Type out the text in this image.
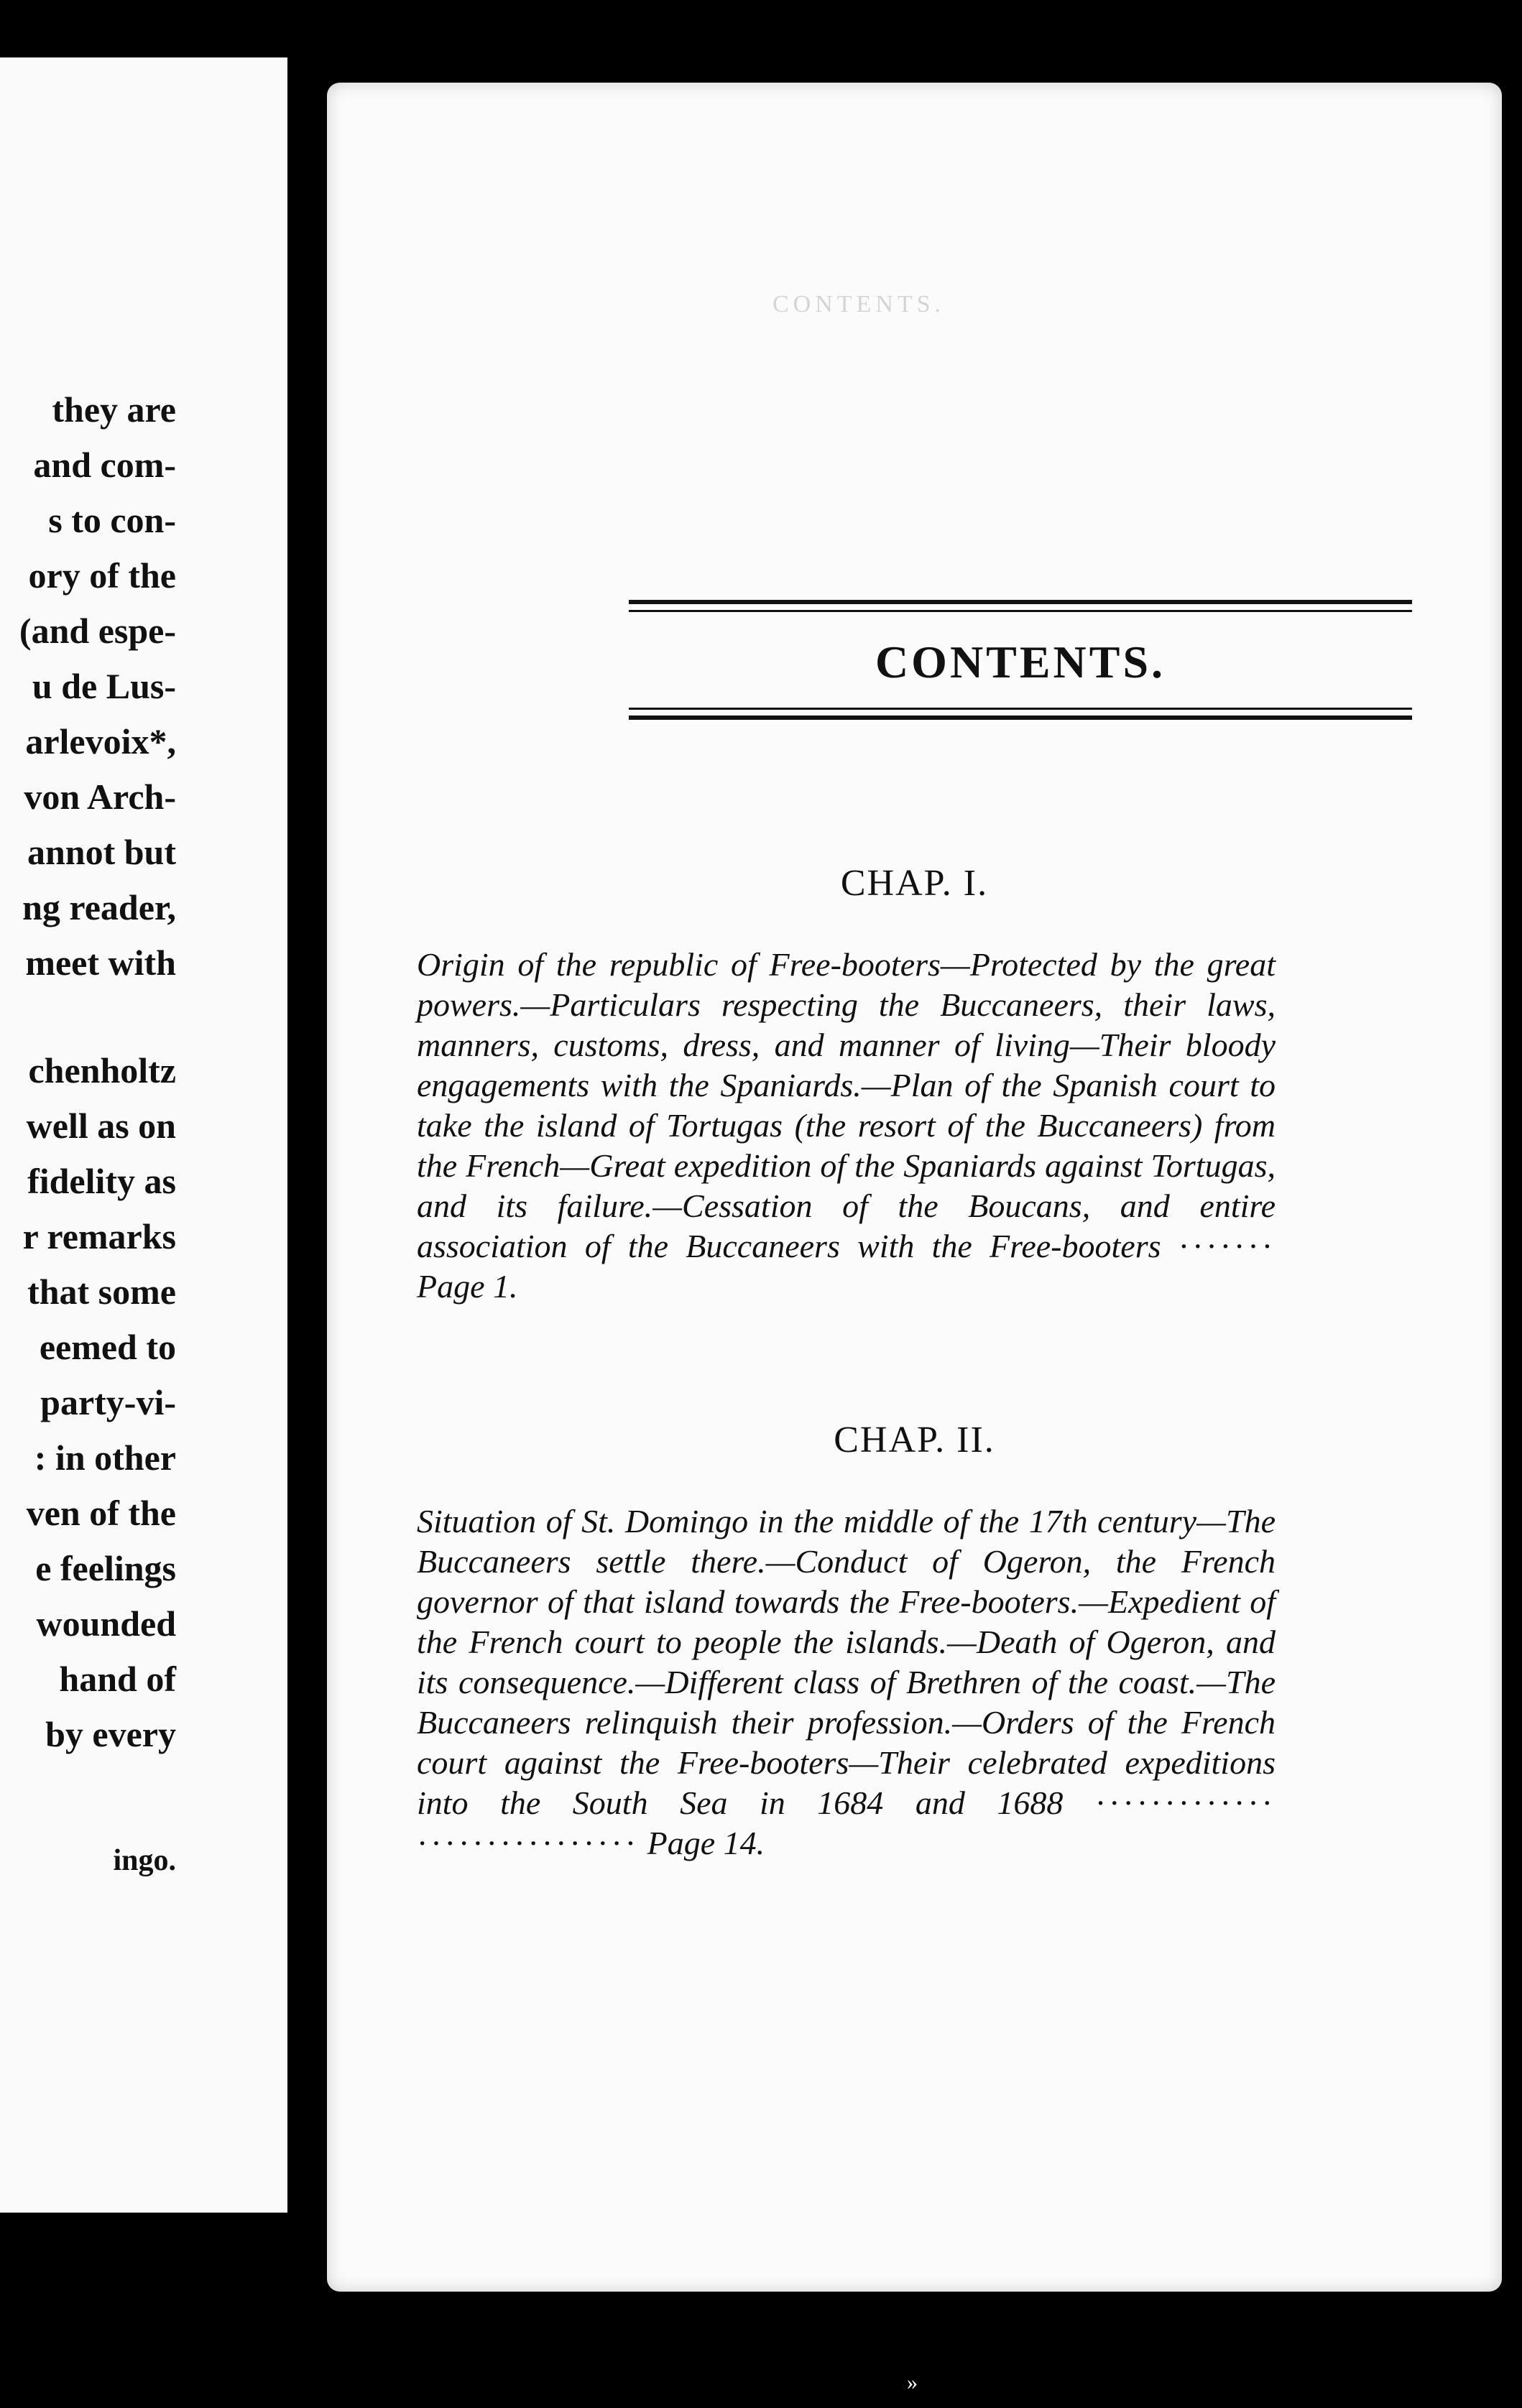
they are
and com-
s to con-
ory of the
(and espe-
u de Lus-
arlevoix*,
von Arch-
annot but
ng reader,
meet with
chenholtz
well as on
fidelity as
r remarks
that some
eemed to
party-vi-
: in other
ven of the
e feelings
wounded
hand of
by every
ingo.
CONTENTS.
CONTENTS.
CHAP. I.
Origin of the republic of Free-booters—Protected by the great powers.—Particulars respecting the Buccaneers, their laws, manners, customs, dress, and manner of living—Their bloody engagements with the Spaniards.—Plan of the Spanish court to take the island of Tortugas (the resort of the Buccaneers) from the French—Great expedition of the Spaniards against Tortugas, and its failure.—Cessation of the Boucans, and entire association of the Buccaneers with the Free-booters ······· Page 1.
CHAP. II.
Situation of St. Domingo in the middle of the 17th century—The Buccaneers settle there.—Conduct of Ogeron, the French governor of that island towards the Free-booters.—Expedient of the French court to people the islands.—Death of Ogeron, and its consequence.—Different class of Brethren of the coast.—The Buccaneers relinquish their profession.—Orders of the French court against the Free-booters—Their celebrated expeditions into the South Sea in 1684 and 1688 ············· ················ Page 14.
»
